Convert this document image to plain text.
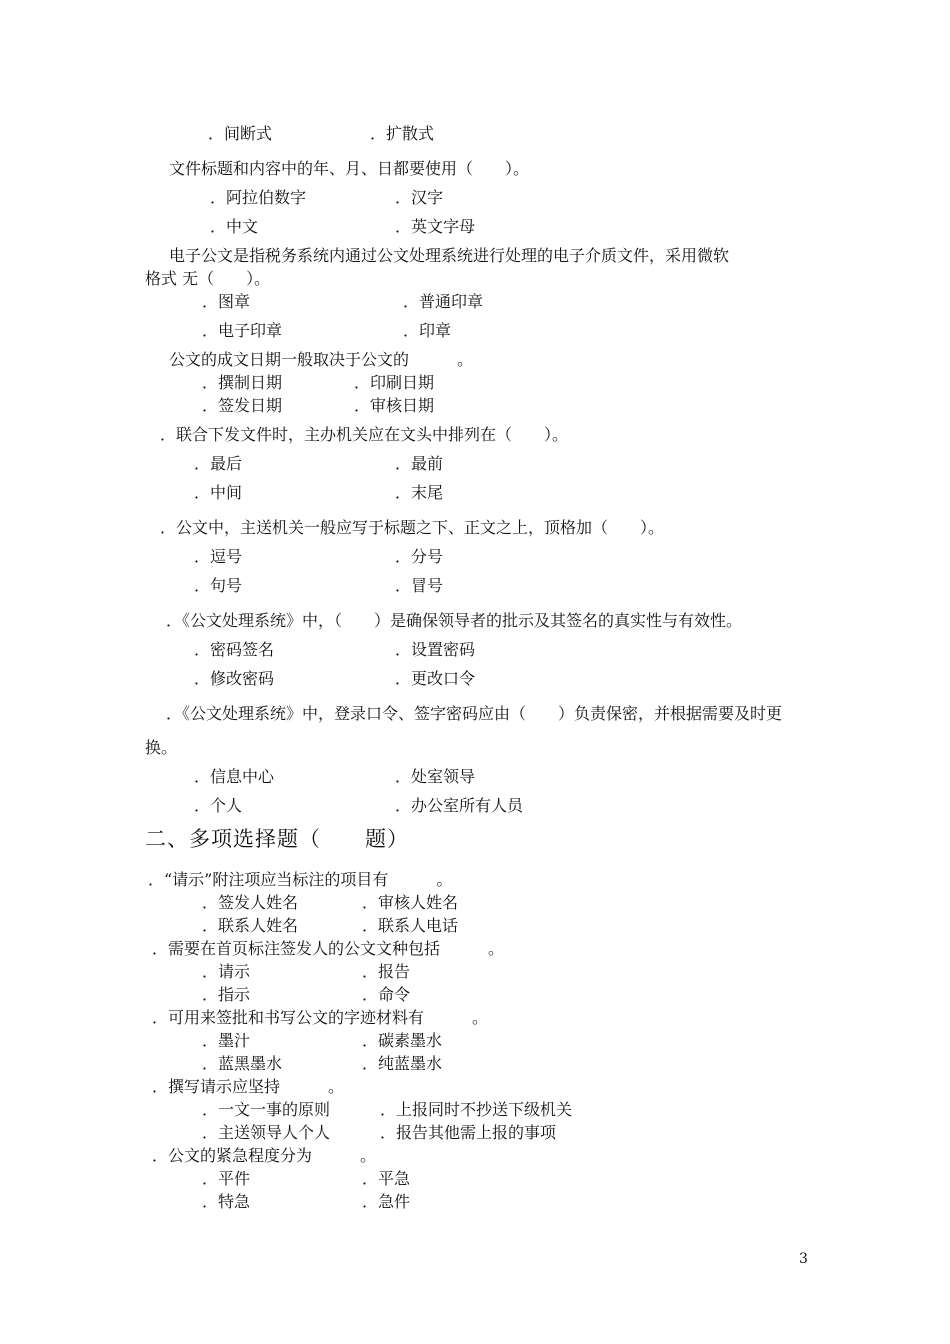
．间断式	．扩散式
文件标题和内容中的年、月、日都要使用（　　）。
．阿拉伯数字	．汉字
．中文	．英文字母
电子公文是指税务系统内通过公文处理系统进行处理的电子介质文件，采用微软
格式 无（　　）。
．图章	．普通印章
．电子印章	．印章
公文的成文日期一般取决于公文的　　　。
．撰制日期	．印刷日期
．签发日期	．审核日期
．联合下发文件时，主办机关应在文头中排列在（　　）。
．最后	．最前
．中间	．末尾
．公文中，主送机关一般应写于标题之下、正文之上，顶格加（　　）。
．逗号	．分号
．句号	．冒号
．《公文处理系统》中，（　　）是确保领导者的批示及其签名的真实性与有效性。
．密码签名	．设置密码
．修改密码	．更改口令
．《公文处理系统》中，登录口令、签字密码应由（　　）负责保密，并根据需要及时更
换。
．信息中心	．处室领导
．个人	．办公室所有人员
二、多项选择题（　　题）
．“请示”附注项应当标注的项目有　　　。
．签发人姓名	．审核人姓名
．联系人姓名	．联系人电话
．需要在首页标注签发人的公文文种包括　　　。
．请示	．报告
．指示	．命令
．可用来签批和书写公文的字迹材料有　　　。
．墨汁	．碳素墨水
．蓝黑墨水	．纯蓝墨水
．撰写请示应坚持　　　。
．一文一事的原则	．上报同时不抄送下级机关
．主送领导人个人	．报告其他需上报的事项
．公文的紧急程度分为　　　。
．平件	．平急
．特急	．急件
3
